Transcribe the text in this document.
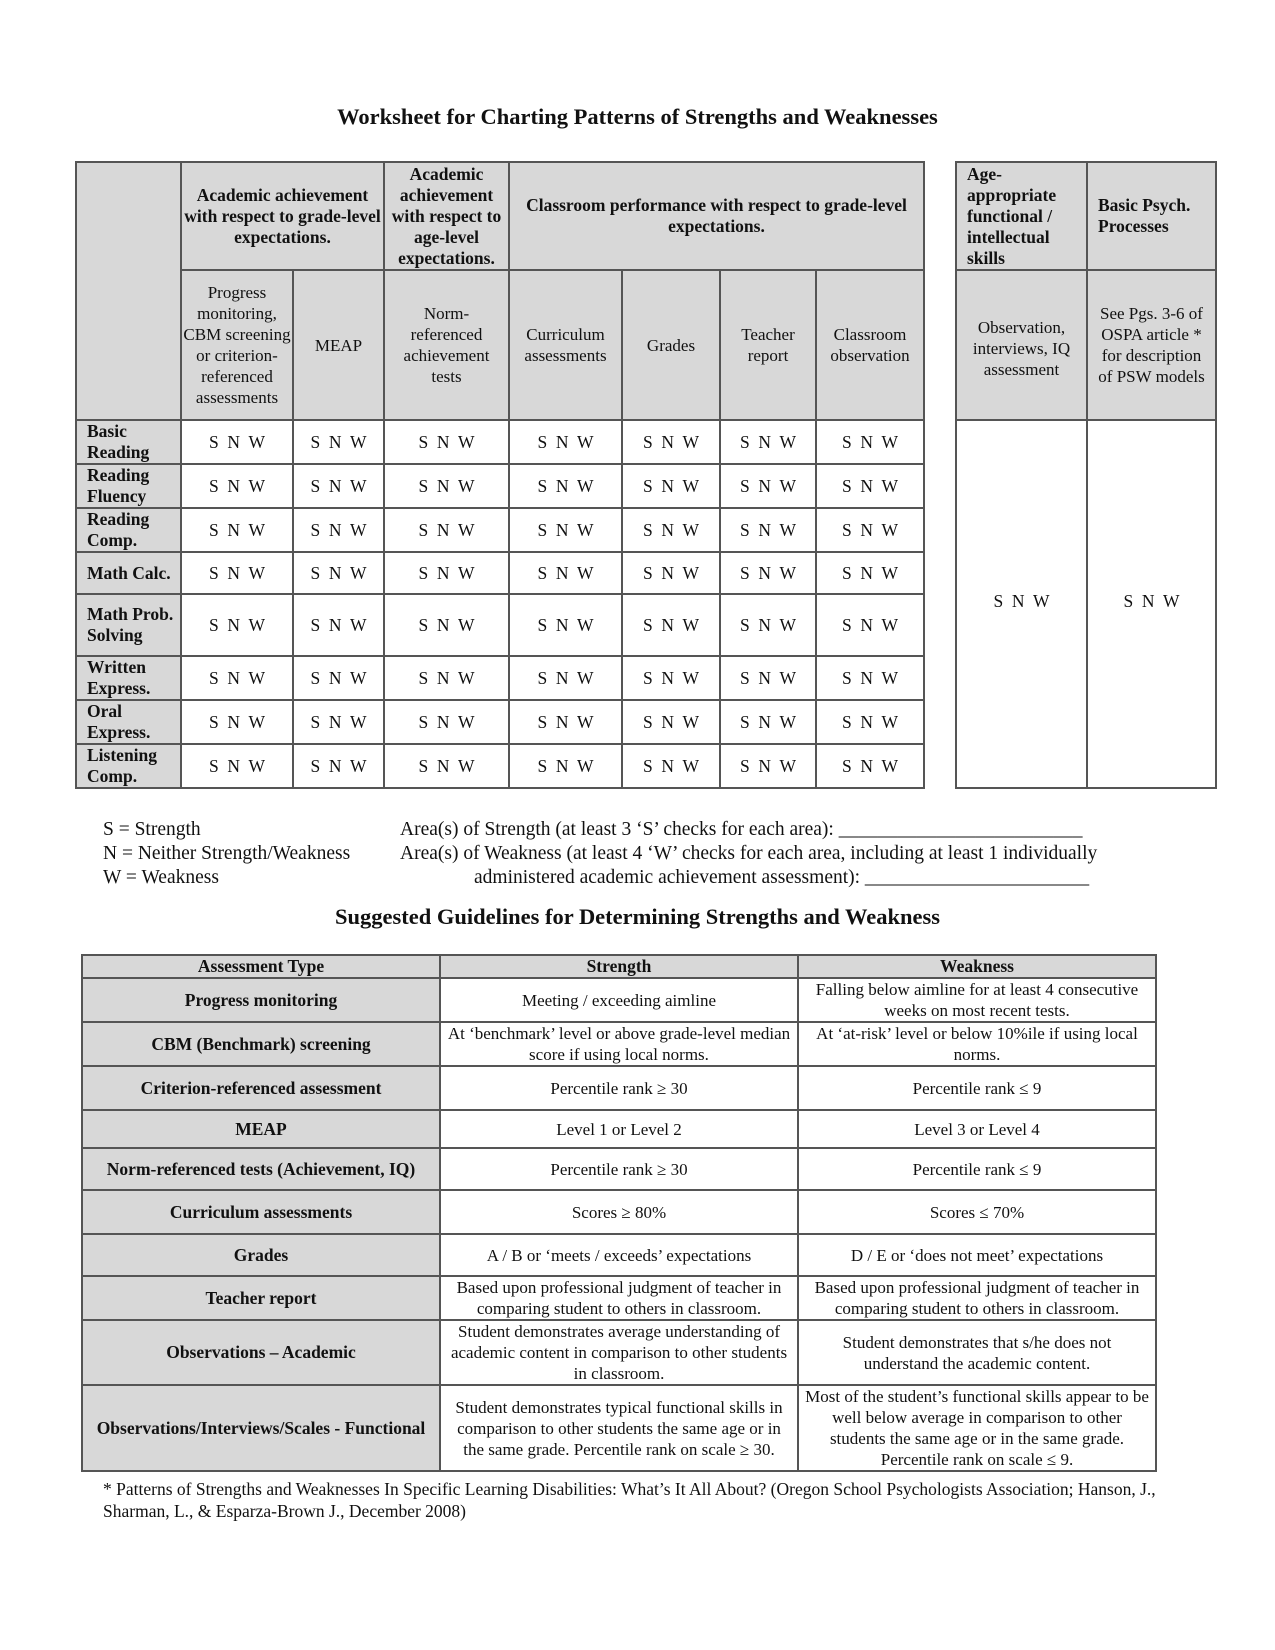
Worksheet for Charting Patterns of Strengths and Weaknesses
	Academic achievement with respect to grade-level expectations.		Academic achievement with respect to age-level expectations.	Classroom performance with respect to grade-level expectations.			
	Progress monitoring, CBM screening or criterion-referenced assessments	MEAP	Norm-referenced achievement tests	Curriculum assessments	Grades	Teacher report	Classroom observation
Basic Reading	S  N  W	S  N  W	S  N  W	S  N  W	S  N  W	S  N  W	S  N  W
Reading Fluency	S  N  W	S  N  W	S  N  W	S  N  W	S  N  W	S  N  W	S  N  W
Reading Comp.	S  N  W	S  N  W	S  N  W	S  N  W	S  N  W	S  N  W	S  N  W
Math Calc.	S  N  W	S  N  W	S  N  W	S  N  W	S  N  W	S  N  W	S  N  W
Math Prob. Solving	S  N  W	S  N  W	S  N  W	S  N  W	S  N  W	S  N  W	S  N  W
Written Express.	S  N  W	S  N  W	S  N  W	S  N  W	S  N  W	S  N  W	S  N  W
Oral Express.	S  N  W	S  N  W	S  N  W	S  N  W	S  N  W	S  N  W	S  N  W
Listening Comp.	S  N  W	S  N  W	S  N  W	S  N  W	S  N  W	S  N  W	S  N  W
Age-appropriate functional / intellectual skills	Basic Psych. Processes
Observation, interviews, IQ assessment	See Pgs. 3-6 of OSPA article * for description of PSW models
S  N  W	S  N  W
S = Strength
N = Neither Strength/Weakness
W = Weakness
Area(s) of Strength (at least 3 ‘S’ checks for each area): _________________________
Area(s) of Weakness (at least 4 ‘W’ checks for each area, including at least 1 individually
administered academic achievement assessment): _______________________
Suggested Guidelines for Determining Strengths and Weakness
Assessment Type	Strength	Weakness
Progress monitoring	Meeting / exceeding aimline	Falling below aimline for at least 4 consecutive weeks on most recent tests.
CBM (Benchmark) screening	At ‘benchmark’ level or above grade-level median score if using local norms.	At ‘at-risk’ level or below 10%ile if using local norms.
Criterion-referenced assessment	Percentile rank ≥ 30	Percentile rank ≤ 9
MEAP	Level 1 or Level 2	Level 3 or Level 4
Norm-referenced tests (Achievement, IQ)	Percentile rank ≥ 30	Percentile rank ≤ 9
Curriculum assessments	Scores ≥ 80%	Scores ≤ 70%
Grades	A / B or ‘meets / exceeds’ expectations	D / E or ‘does not meet’ expectations
Teacher report	Based upon professional judgment of teacher in comparing student to others in classroom.	Based upon professional judgment of teacher in comparing student to others in classroom.
Observations – Academic	Student demonstrates average understanding of academic content in comparison to other students in classroom.	Student demonstrates that s/he does not understand the academic content.
Observations/Interviews/Scales - Functional	Student demonstrates typical functional skills in comparison to other students the same age or in the same grade. Percentile rank on scale ≥ 30.	Most of the student’s functional skills appear to be well below average in comparison to other students the same age or in the same grade. Percentile rank on scale ≤ 9.
* Patterns of Strengths and Weaknesses In Specific Learning Disabilities: What’s It All About? (Oregon School Psychologists Association; Hanson, J., Sharman, L., & Esparza-Brown J., December 2008)
